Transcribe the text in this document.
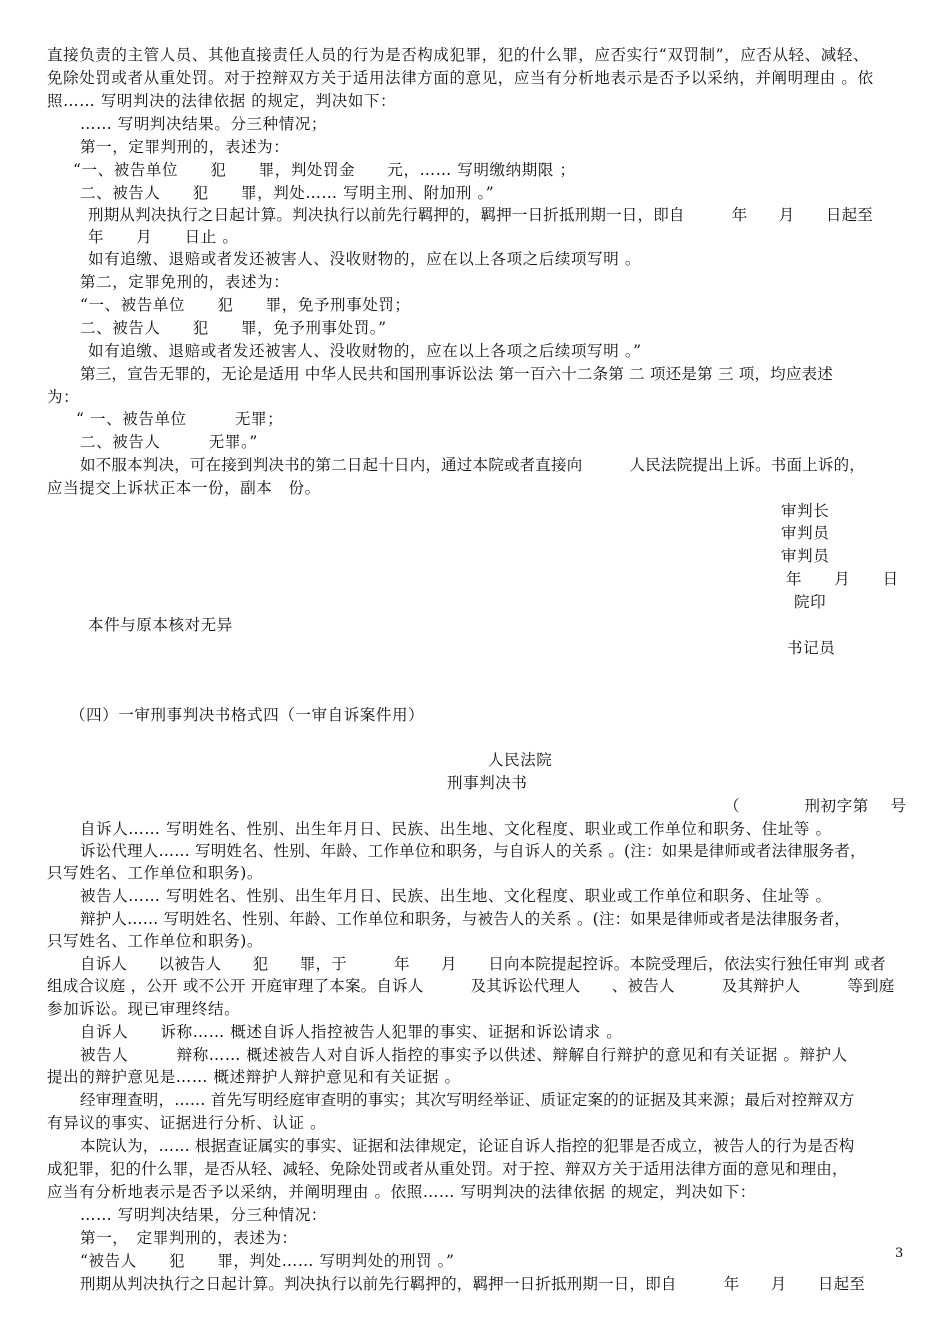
直接负责的主管人员、其他直接责任人员的行为是否构成犯罪，犯的什么罪，应否实行“双罚制”，应否从轻、减轻、
免除处罚或者从重处罚。对于控辩双方关于适用法律方面的意见，应当有分析地表示是否予以采纳，并阐明理由 。依
照…… 写明判决的法律依据 的规定，判决如下：
…… 写明判决结果。分三种情况；
第一，定罪判刑的，表述为：
“一、被告单位　　犯　　罪，判处罚金　　元，…… 写明缴纳期限 ；
二、被告人　　犯　　罪，判处…… 写明主刑、附加刑 。”
刑期从判决执行之日起计算。判决执行以前先行羁押的，羁押一日折抵刑期一日，即自　　　年　　月　　日起至
年　　月　　日止 。
如有追缴、退赔或者发还被害人、没收财物的，应在以上各项之后续项写明 。
第二，定罪免刑的，表述为：
“一、被告单位　　犯　　罪，免予刑事处罚；
二、被告人　　犯　　罪，免予刑事处罚。”
如有追缴、退赔或者发还被害人、没收财物的，应在以上各项之后续项写明 。”
第三，宣告无罪的，无论是适用 中华人民共和国刑事诉讼法 第一百六十二条第 二 项还是第 三 项，均应表述
为：
“ 一、被告单位　　　无罪；
二、被告人　　　无罪。”
如不服本判决，可在接到判决书的第二日起十日内，通过本院或者直接向　　　人民法院提出上诉。书面上诉的，
应当提交上诉状正本一份，副本　份。
审判长
审判员
审判员
年　　月　　日
院印
本件与原本核对无异
书记员
（四）一审刑事判决书格式四（一审自诉案件用）
人民法院
刑事判决书
（　　　　刑初字第　 号
自诉人…… 写明姓名、性别、出生年月日、民族、出生地、文化程度、职业或工作单位和职务、住址等 。
诉讼代理人…… 写明姓名、性别、年龄、工作单位和职务，与自诉人的关系 。(注：如果是律师或者法律服务者，
只写姓名、工作单位和职务)。
被告人…… 写明姓名、性别、出生年月日、民族、出生地、文化程度、职业或工作单位和职务、住址等 。
辩护人…… 写明姓名、性别、年龄、工作单位和职务，与被告人的关系 。(注：如果是律师或者是法律服务者，
只写姓名、工作单位和职务)。
自诉人　　以被告人　　犯　　罪，于　　　年　　月　　日向本院提起控诉。本院受理后，依法实行独任审判 或者
组成合议庭 ，公开 或不公开 开庭审理了本案。自诉人　　　及其诉讼代理人　　、被告人　　　及其辩护人　　　等到庭
参加诉讼。现已审理终结。
自诉人　　诉称…… 概述自诉人指控被告人犯罪的事实、证据和诉讼请求 。
被告人　　　辩称…… 概述被告人对自诉人指控的事实予以供述、辩解自行辩护的意见和有关证据 。辩护人
提出的辩护意见是…… 概述辩护人辩护意见和有关证据 。
经审理查明，…… 首先写明经庭审查明的事实；其次写明经举证、质证定案的的证据及其来源；最后对控辩双方
有异议的事实、证据进行分析、认证 。
本院认为，…… 根据查证属实的事实、证据和法律规定，论证自诉人指控的犯罪是否成立，被告人的行为是否构
成犯罪，犯的什么罪，是否从轻、减轻、免除处罚或者从重处罚。对于控、辩双方关于适用法律方面的意见和理由，
应当有分析地表示是否予以采纳，并阐明理由 。依照…… 写明判决的法律依据 的规定，判决如下：
…… 写明判决结果，分三种情况：
第一，　定罪判刑的，表述为：
“被告人　　犯　　罪，判处…… 写明判处的刑罚 。”
刑期从判决执行之日起计算。判决执行以前先行羁押的，羁押一日折抵刑期一日，即自　　　年　　月　　日起至
3
